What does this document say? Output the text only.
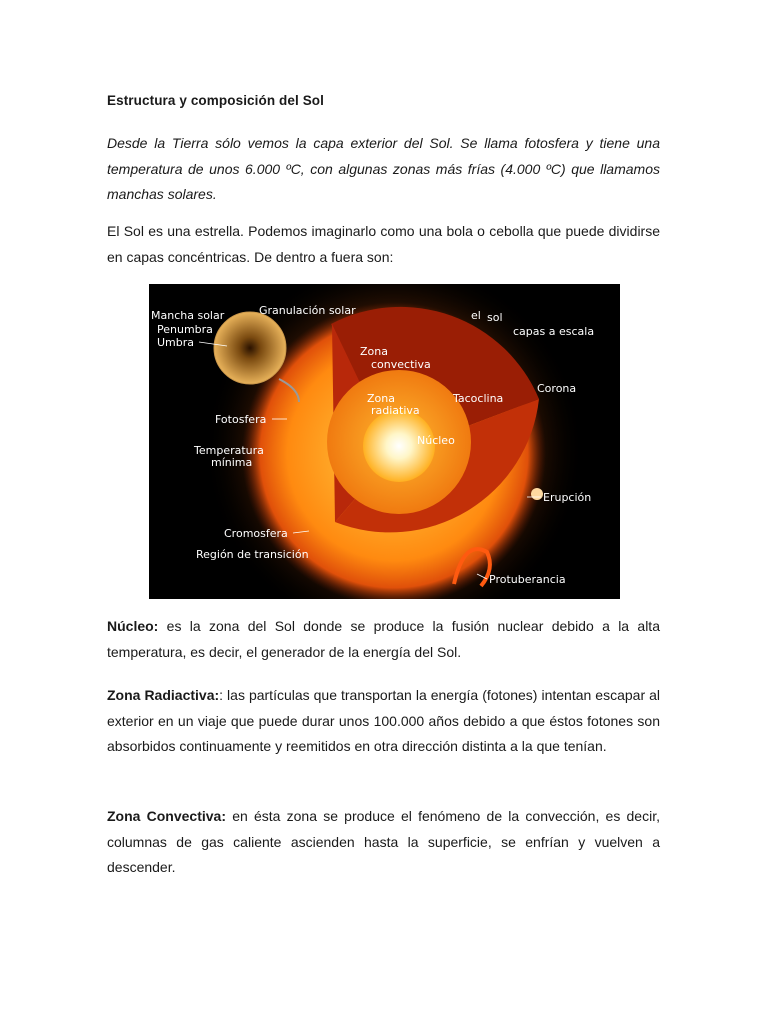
Estructura y composición del Sol

Desde la Tierra sólo vemos la capa exterior del Sol. Se llama fotosfera y tiene una temperatura de unos 6.000 ºC, con algunas zonas más frías (4.000 ºC) que llamamos manchas solares.

El Sol es una estrella. Podemos imaginarlo como una bola o cebolla que puede dividirse en capas concéntricas. De dentro a fuera son:

Núcleo: es la zona del Sol donde se produce la fusión nuclear debido a la alta temperatura, es decir, el generador de la energía del Sol.

Zona Radiactiva:: las partículas que transportan la energía (fotones) intentan escapar al exterior en un viaje que puede durar unos 100.000 años debido a que éstos fotones son absorbidos continuamente y reemitidos en otra dirección distinta a la que tenían.

Zona Convectiva: en ésta zona se produce el fenómeno de la convección, es decir, columnas de gas caliente ascienden hasta la superficie, se enfrían y vuelven a descender.

el sol
capas a escala
Mancha solar
Penumbra
Umbra
Granulación solar
Zona
convectiva
Zona
radiativa
Tacoclina
Núcleo
Corona
Fotosfera
Temperatura
mínima
Erupción
Cromosfera
Región de transición
Protuberancia
